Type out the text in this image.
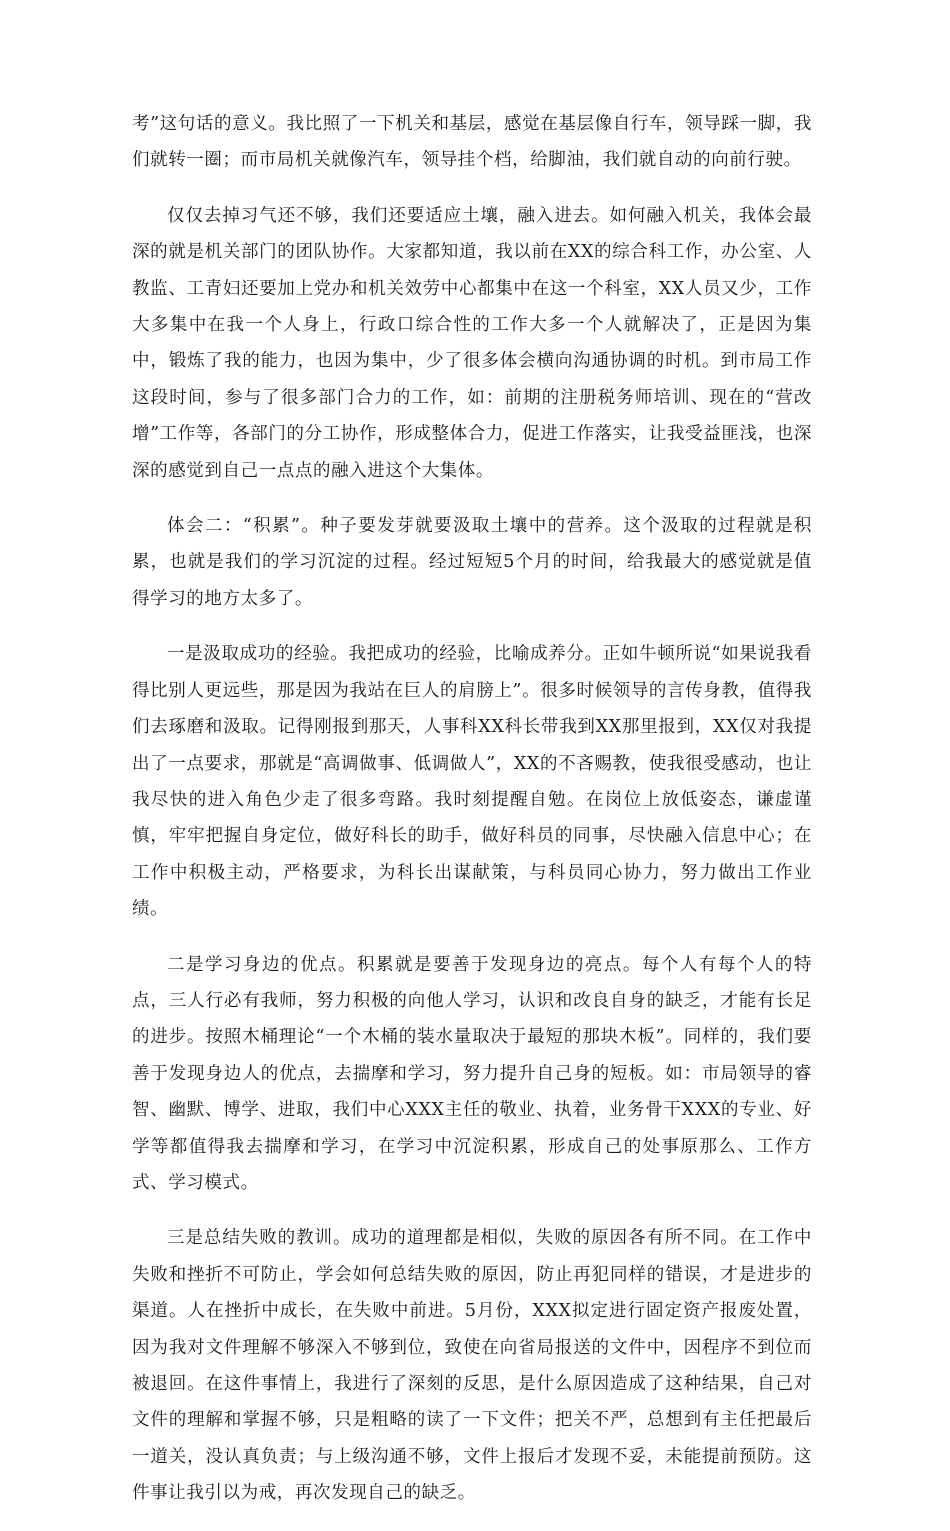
考”这句话的意义。我比照了一下机关和基层，感觉在基层像自行车，领导踩一脚，我们就转一圈；而市局机关就像汽车，领导挂个档，给脚油，我们就自动的向前行驶。

仅仅去掉习气还不够，我们还要适应土壤，融入进去。如何融入机关，我体会最深的就是机关部门的团队协作。大家都知道，我以前在XX的综合科工作，办公室、人教监、工青妇还要加上党办和机关效劳中心都集中在这一个科室，XX人员又少，工作大多集中在我一个人身上，行政口综合性的工作大多一个人就解决了，正是因为集中，锻炼了我的能力，也因为集中，少了很多体会横向沟通协调的时机。到市局工作这段时间，参与了很多部门合力的工作，如：前期的注册税务师培训、现在的“营改增”工作等，各部门的分工协作，形成整体合力，促进工作落实，让我受益匪浅，也深深的感觉到自己一点点的融入进这个大集体。

体会二：“积累”。种子要发芽就要汲取土壤中的营养。这个汲取的过程就是积累，也就是我们的学习沉淀的过程。经过短短5个月的时间，给我最大的感觉就是值得学习的地方太多了。

一是汲取成功的经验。我把成功的经验，比喻成养分。正如牛顿所说“如果说我看得比别人更远些，那是因为我站在巨人的肩膀上”。很多时候领导的言传身教，值得我们去琢磨和汲取。记得刚报到那天，人事科XX科长带我到XX那里报到，XX仅对我提出了一点要求，那就是“高调做事、低调做人”，XX的不吝赐教，使我很受感动，也让我尽快的进入角色少走了很多弯路。我时刻提醒自勉。在岗位上放低姿态，谦虚谨慎，牢牢把握自身定位，做好科长的助手，做好科员的同事，尽快融入信息中心；在工作中积极主动，严格要求，为科长出谋献策，与科员同心协力，努力做出工作业绩。

二是学习身边的优点。积累就是要善于发现身边的亮点。每个人有每个人的特点，三人行必有我师，努力积极的向他人学习，认识和改良自身的缺乏，才能有长足的进步。按照木桶理论“一个木桶的装水量取决于最短的那块木板”。同样的，我们要善于发现身边人的优点，去揣摩和学习，努力提升自己身的短板。如：市局领导的睿智、幽默、博学、进取，我们中心XXX主任的敬业、执着，业务骨干XXX的专业、好学等都值得我去揣摩和学习，在学习中沉淀积累，形成自己的处事原那么、工作方式、学习模式。

三是总结失败的教训。成功的道理都是相似，失败的原因各有所不同。在工作中失败和挫折不可防止，学会如何总结失败的原因，防止再犯同样的错误，才是进步的渠道。人在挫折中成长，在失败中前进。5月份，XXX拟定进行固定资产报废处置，因为我对文件理解不够深入不够到位，致使在向省局报送的文件中，因程序不到位而被退回。在这件事情上，我进行了深刻的反思，是什么原因造成了这种结果，自己对文件的理解和掌握不够，只是粗略的读了一下文件；把关不严，总想到有主任把最后一道关，没认真负责；与上级沟通不够，文件上报后才发现不妥，未能提前预防。这件事让我引以为戒，再次发现自己的缺乏。
